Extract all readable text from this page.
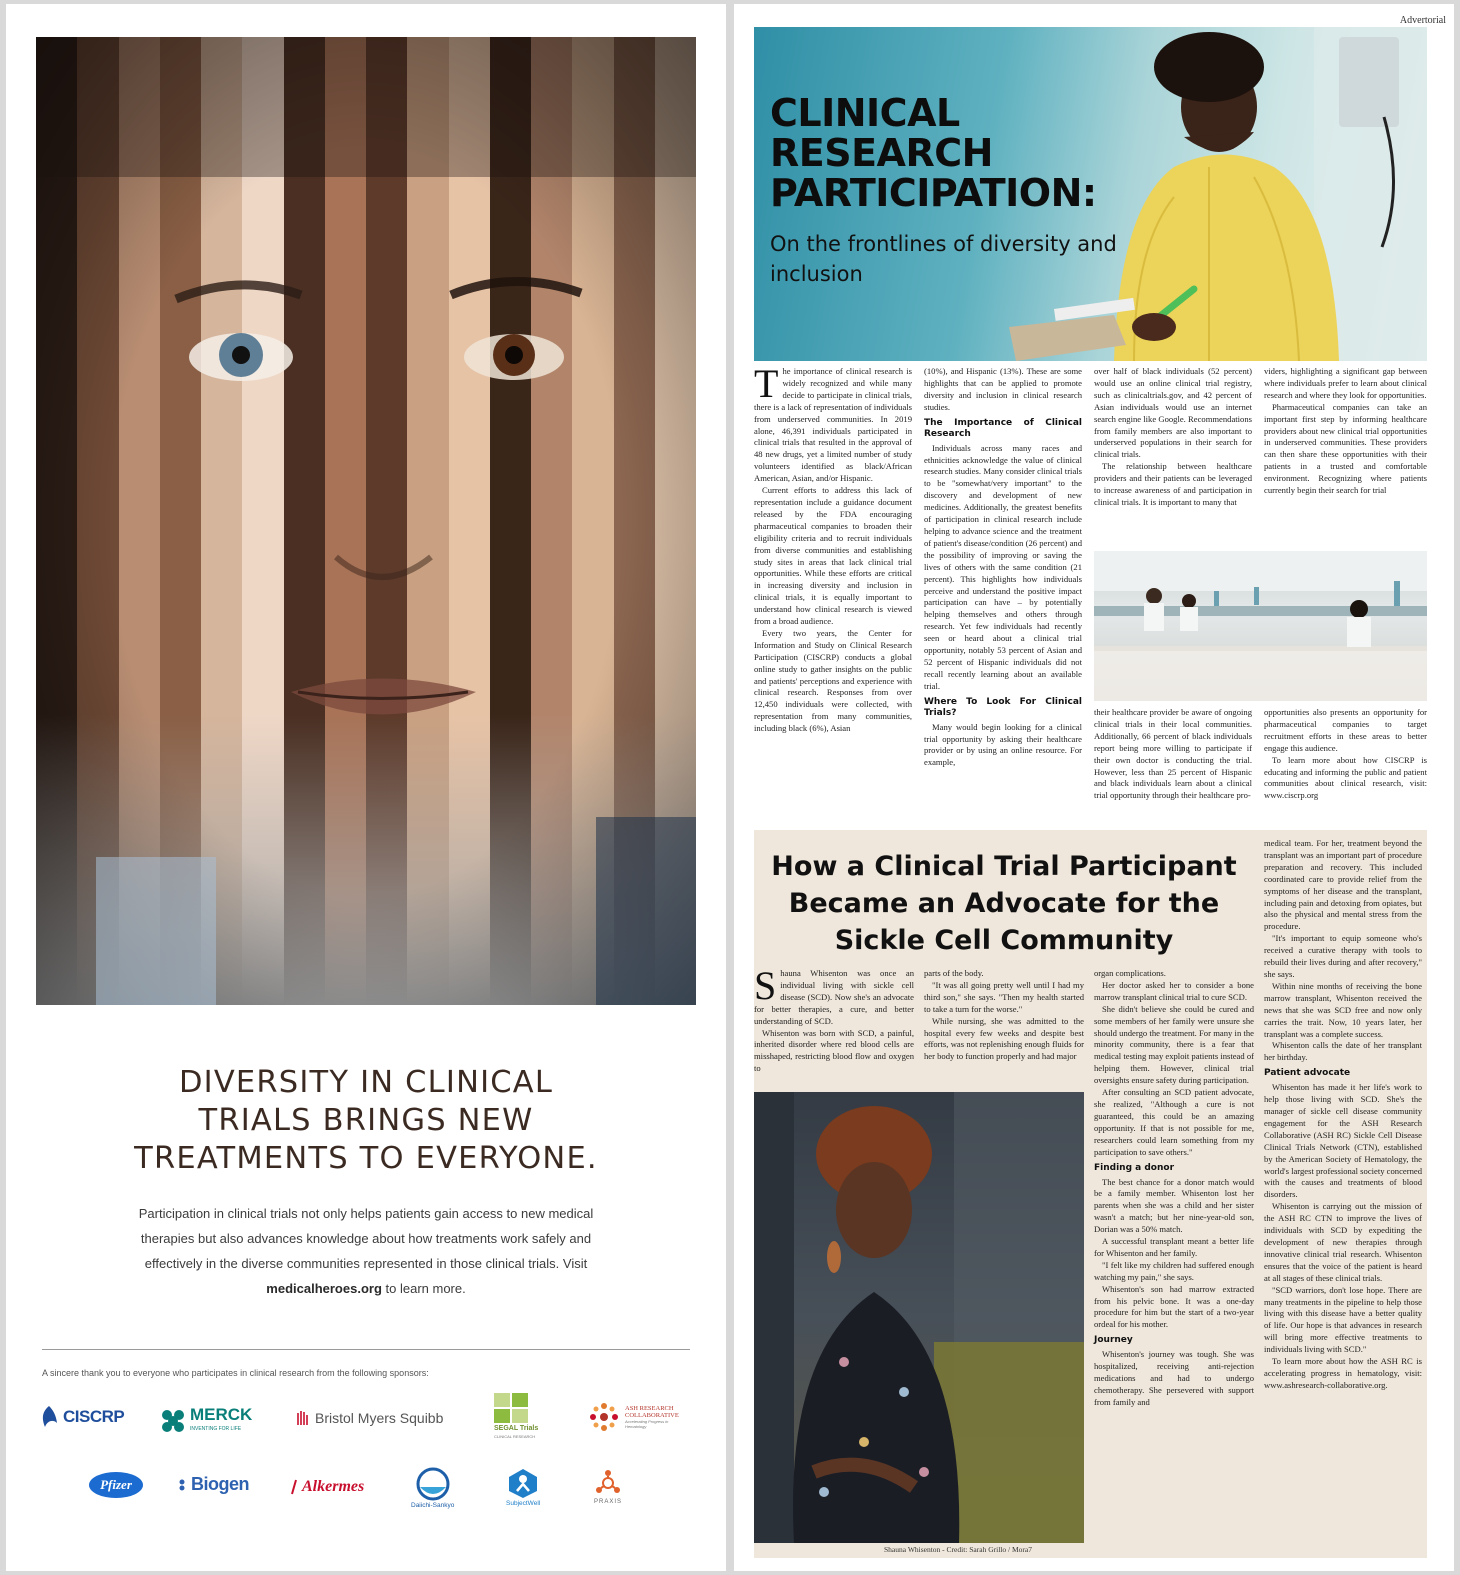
DIVERSITY IN CLINICAL
TRIALS BRINGS NEW
TREATMENTS TO EVERYONE.

Participation in clinical trials not only helps patients gain access to new medical therapies but also advances knowledge about how treatments work safely and effectively in the diverse communities represented in those clinical trials. Visit medicalheroes.org to learn more.

A sincere thank you to everyone who participates in clinical research from the following sponsors:
CISCRP	MERCK
INVENTING FOR LIFE
Bristol Myers Squibb
SEGAL Trials
CLINICAL RESEARCH
ASH RESEARCH COLLABORATIVE
Accelerating Progress in Hematology
Pfizer	Biogen	Alkermes
Daiichi-Sankyo	SubjectWell	PRAXIS
Advertorial
CLINICAL
RESEARCH
PARTICIPATION:
On the frontlines of diversity and inclusion

The importance of clinical research is widely recognized and while many decide to participate in clinical trials, there is a lack of representation of individuals from underserved communities. In 2019 alone, 46,391 individuals participated in clinical trials that resulted in the approval of 48 new drugs, yet a limited number of study volunteers identified as black/African American, Asian, and/or Hispanic.

Current efforts to address this lack of representation include a guidance document released by the FDA encouraging pharmaceutical companies to broaden their eligibility criteria and to recruit individuals from diverse communities and establishing study sites in areas that lack clinical trial opportunities. While these efforts are critical in increasing diversity and inclusion in clinical trials, it is equally important to understand how clinical research is viewed from a broad audience.

Every two years, the Center for Information and Study on Clinical Research Participation (CISCRP) conducts a global online study to gather insights on the public and patients' perceptions and experience with clinical research. Responses from over 12,450 individuals were collected, with representation from many communities, including black (6%), Asian

(10%), and Hispanic (13%). These are some highlights that can be applied to promote diversity and inclusion in clinical research studies.

The Importance of Clinical Research

Individuals across many races and ethnicities acknowledge the value of clinical research studies. Many consider clinical trials to be "somewhat/very important" to the discovery and development of new medicines. Additionally, the greatest benefits of participation in clinical research include helping to advance science and the treatment of patient's disease/condition (26 percent) and the possibility of improving or saving the lives of others with the same condition (21 percent). This highlights how individuals perceive and understand the positive impact participation can have – by potentially helping themselves and others through research. Yet few individuals had recently seen or heard about a clinical trial opportunity, notably 53 percent of Asian and 52 percent of Hispanic individuals did not recall recently learning about an available trial.

Where To Look For Clinical Trials?

Many would begin looking for a clinical trial opportunity by asking their healthcare provider or by using an online resource. For example,

over half of black individuals (52 percent) would use an online clinical trial registry, such as clinicaltrials.gov, and 42 percent of Asian individuals would use an internet search engine like Google. Recommendations from family members are also important to underserved populations in their search for clinical trials.

The relationship between healthcare providers and their patients can be leveraged to increase awareness of and participation in clinical trials. It is important to many that

viders, highlighting a significant gap between where individuals prefer to learn about clinical research and where they look for opportunities.

Pharmaceutical companies can take an important first step by informing healthcare providers about new clinical trial opportunities in underserved communities. These providers can then share these opportunities with their patients in a trusted and comfortable environment. Recognizing where patients currently begin their search for trial

their healthcare provider be aware of ongoing clinical trials in their local communities. Additionally, 66 percent of black individuals report being more willing to participate if their own doctor is conducting the trial. However, less than 25 percent of Hispanic and black individuals learn about a clinical trial opportunity through their healthcare pro-

opportunities also presents an opportunity for pharmaceutical companies to target recruitment efforts in these areas to better engage this audience.

To learn more about how CISCRP is educating and informing the public and patient communities about clinical research, visit: www.ciscrp.org

How a Clinical Trial Participant
Became an Advocate for the
Sickle Cell Community

Shauna Whisenton was once an individual living with sickle cell disease (SCD). Now she's an advocate for better therapies, a cure, and better understanding of SCD.

Whisenton was born with SCD, a painful, inherited disorder where red blood cells are misshaped, restricting blood flow and oxygen to

parts of the body.

"It was all going pretty well until I had my third son," she says. "Then my health started to take a turn for the worse."

While nursing, she was admitted to the hospital every few weeks and despite best efforts, was not replenishing enough fluids for her body to function properly and had major

Shauna Whisenton - Credit: Sarah Grillo / Mora7

organ complications.

Her doctor asked her to consider a bone marrow transplant clinical trial to cure SCD.

She didn't believe she could be cured and some members of her family were unsure she should undergo the treatment. For many in the minority community, there is a fear that medical testing may exploit patients instead of helping them. However, clinical trial oversights ensure safety during participation.

After consulting an SCD patient advocate, she realized, "Although a cure is not guaranteed, this could be an amazing opportunity. If that is not possible for me, researchers could learn something from my participation to save others."

Finding a donor

The best chance for a donor match would be a family member. Whisenton lost her parents when she was a child and her sister wasn't a match; but her nine-year-old son, Dorian was a 50% match.

A successful transplant meant a better life for Whisenton and her family.

"I felt like my children had suffered enough watching my pain," she says.

Whisenton's son had marrow extracted from his pelvic bone. It was a one-day procedure for him but the start of a two-year ordeal for his mother.

Journey

Whisenton's journey was tough. She was hospitalized, receiving anti-rejection medications and had to undergo chemotherapy. She persevered with support from family and

medical team. For her, treatment beyond the transplant was an important part of procedure preparation and recovery. This included coordinated care to provide relief from the symptoms of her disease and the transplant, including pain and detoxing from opiates, but also the physical and mental stress from the procedure.

"It's important to equip someone who's received a curative therapy with tools to rebuild their lives during and after recovery," she says.

Within nine months of receiving the bone marrow transplant, Whisenton received the news that she was SCD free and now only carries the trait. Now, 10 years later, her transplant was a complete success.

Whisenton calls the date of her transplant her birthday.

Patient advocate

Whisenton has made it her life's work to help those living with SCD. She's the manager of sickle cell disease community engagement for the ASH Research Collaborative (ASH RC) Sickle Cell Disease Clinical Trials Network (CTN), established by the American Society of Hematology, the world's largest professional society concerned with the causes and treatments of blood disorders.

Whisenton is carrying out the mission of the ASH RC CTN to improve the lives of individuals with SCD by expediting the development of new therapies through innovative clinical trial research. Whisenton ensures that the voice of the patient is heard at all stages of these clinical trials.

"SCD warriors, don't lose hope. There are many treatments in the pipeline to help those living with this disease have a better quality of life. Our hope is that advances in research will bring more effective treatments to individuals living with SCD."

To learn more about how the ASH RC is accelerating progress in hematology, visit: www.ashresearch-collaborative.org.
